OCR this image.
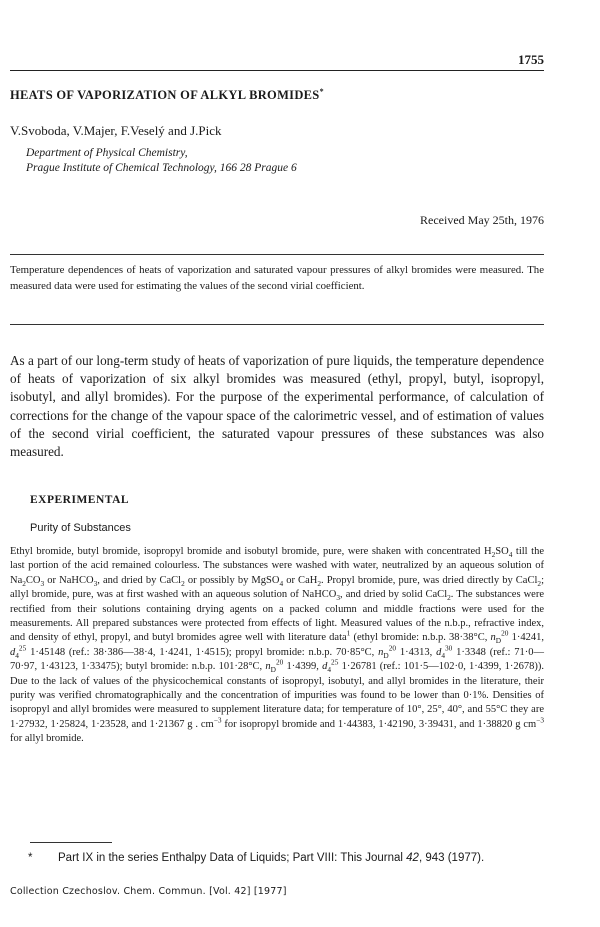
1755
HEATS OF VAPORIZATION OF ALKYL BROMIDES*
V.Svoboda, V.Majer, F.Veselý and J.Pick
Department of Physical Chemistry,
Prague Institute of Chemical Technology, 166 28 Prague 6
Received May 25th, 1976
Temperature dependences of heats of vaporization and saturated vapour pressures of alkyl bromides were measured. The measured data were used for estimating the values of the second virial coefficient.
As a part of our long-term study of heats of vaporization of pure liquids, the temperature dependence of heats of vaporization of six alkyl bromides was measured (ethyl, propyl, butyl, isopropyl, isobutyl, and allyl bromides). For the purpose of the experimental performance, of calculation of corrections for the change of the vapour space of the calorimetric vessel, and of estimation of values of the second virial coefficient, the saturated vapour pressures of these substances was also measured.
EXPERIMENTAL
Purity of Substances

Ethyl bromide, butyl bromide, isopropyl bromide and isobutyl bromide, pure, were shaken with concentrated $H_2SO_4$ till the last portion of the acid remained colourless. The substances were washed with water, neutralized by an aqueous solution of $Na_2CO_3$ or NaHCO$_3$, and dried by CaCl$_2$ or possibly by MgSO$_4$ or CaH$_2$. Propyl bromide, pure, was dried directly by CaCl$_2$; allyl bromide, pure, was at first washed with an aqueous solution of NaHCO$_3$, and dried by solid CaCl$_2$. The substances were rectified from their solutions containing drying agents on a packed column and middle fractions were used for the measurements. All prepared substances were protected from effects of light. Measured values of the n.b.p., refractive index, and density of ethyl, propyl, and butyl bromides agree well with literature data$^1$ (ethyl bromide: n.b.p. 38·38°C, $n_D^{20}$ 1·4241, $d_4^{25}$ 1·45148 (ref.: 38·386—38·4, 1·4241, 1·4515); propyl bromide: n.b.p. 70·85°C, $n_D^{20}$ 1·4313, $d_4^{30}$ 1·3348 (ref.: 71·0—70·97, 1·43123, 1·33475); butyl bromide: n.b.p. 101·28°C, $n_D^{20}$ 1·4399, $d_4^{25}$ 1·26781 (ref.: 101·5—102·0, 1·4399, 1·2678)). Due to the lack of values of the physicochemical constants of isopropyl, isobutyl, and allyl bromides in the literature, their purity was verified chromatographically and the concentration of impurities was found to be lower than 0·1%. Densities of isopropyl and allyl bromides were measured to supplement literature data; for temperature of 10°, 25°, 40°, and 55°C they are 1·27932, 1·25824, 1·23528, and 1·21367 g . $cm^{-3}$ for isopropyl bromide and 1·44383, 1·42190, 3·39431, and 1·38820 g $cm^{-3}$ for allyl bromide.

* Part IX in the series Enthalpy Data of Liquids; Part VIII: This Journal 42, 943 (1977).
Collection Czechoslov. Chem. Commun. [Vol. 42] [1977]
